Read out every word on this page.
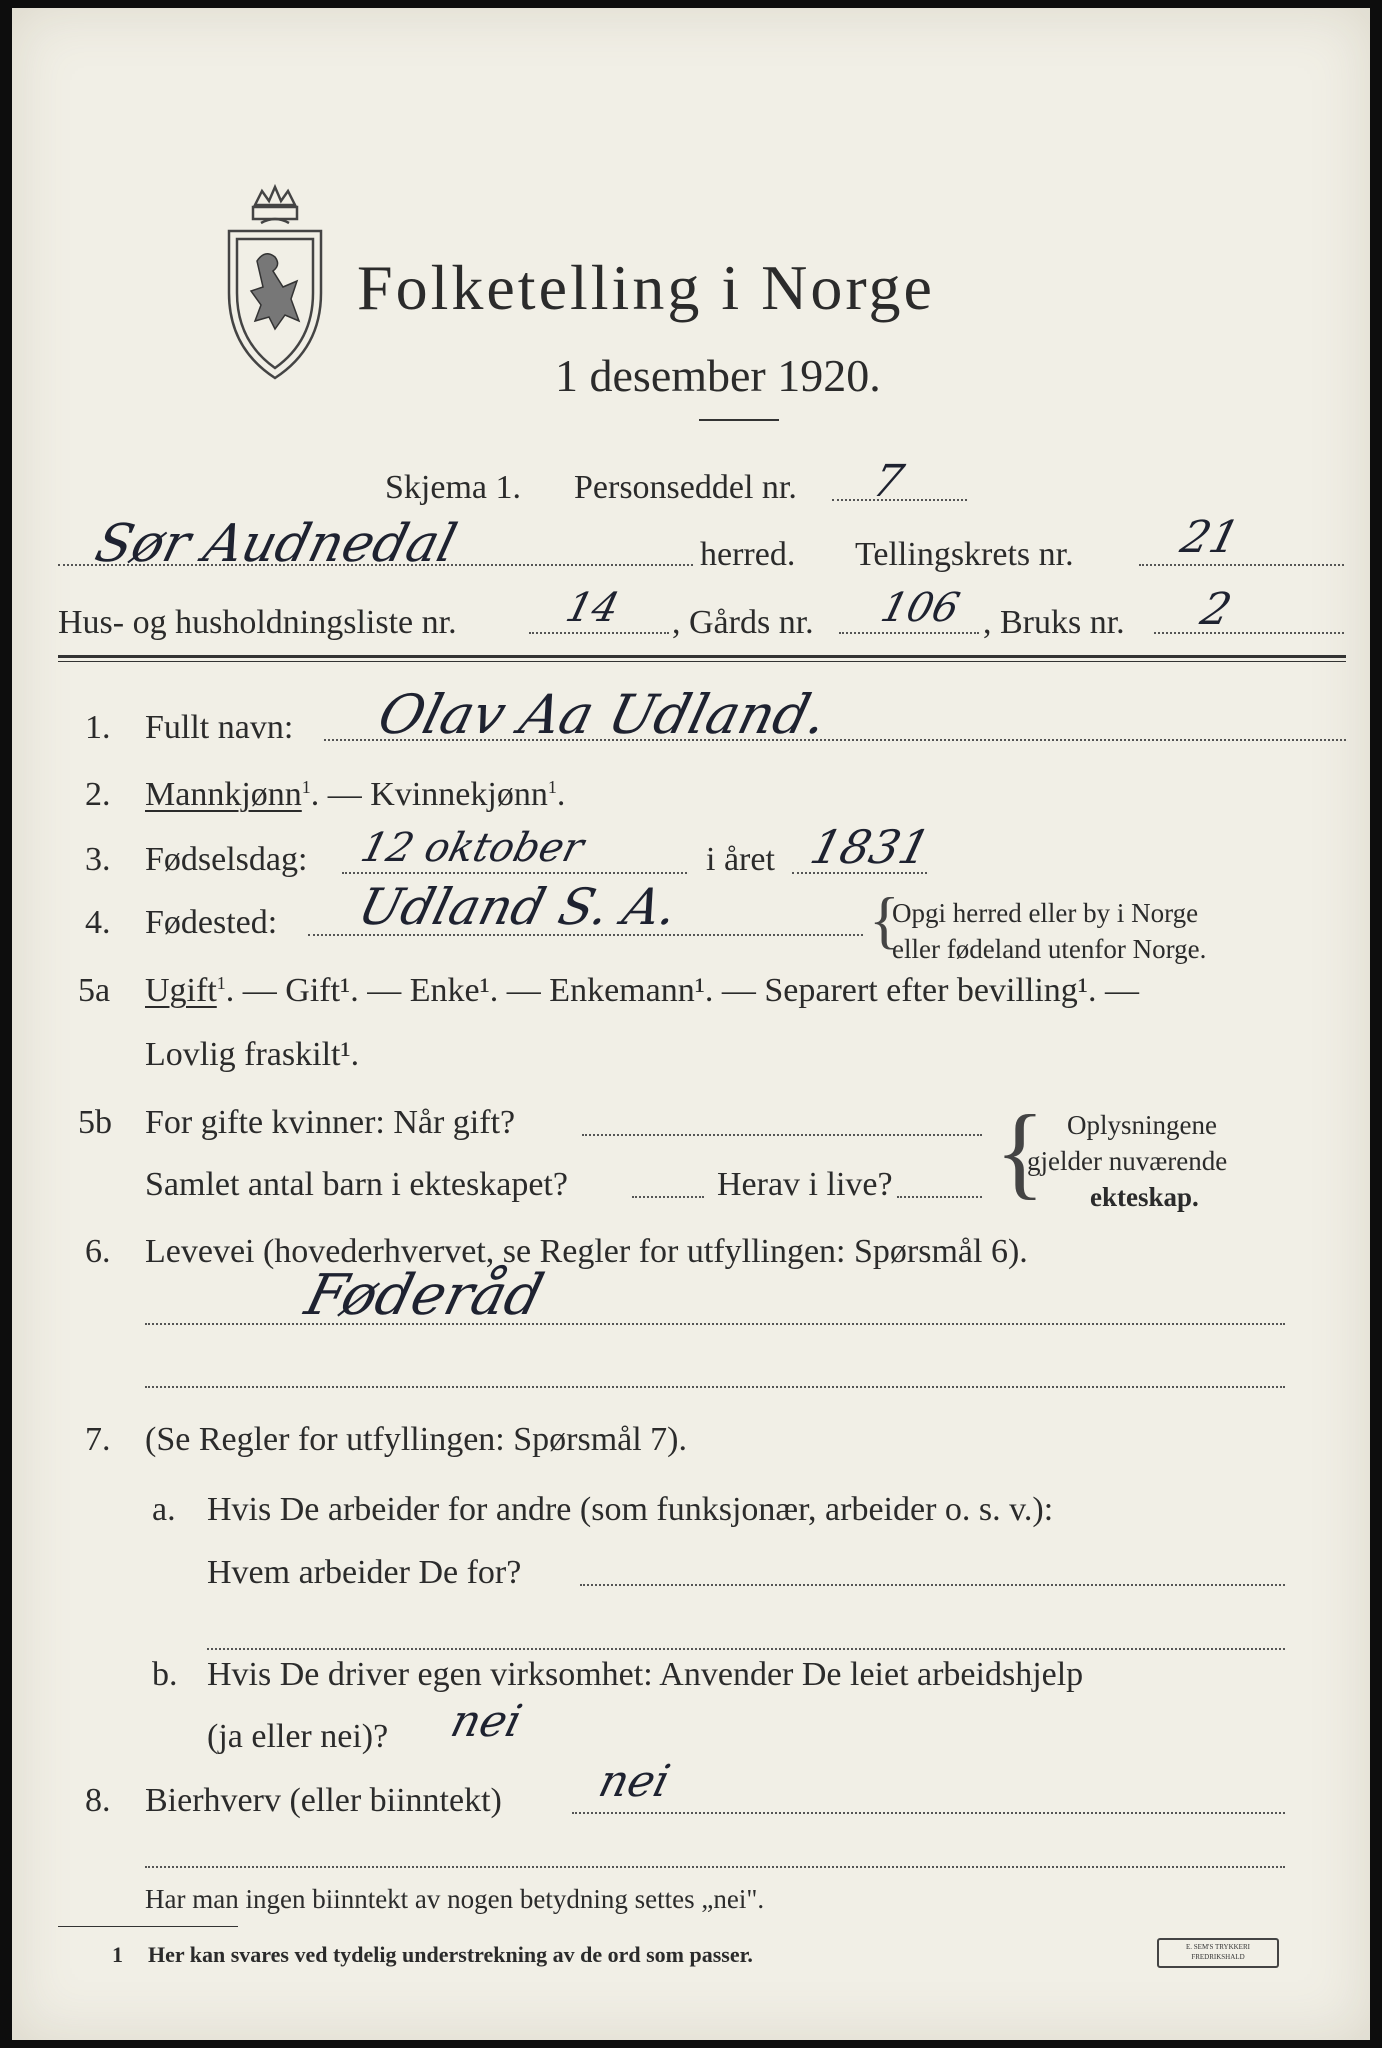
Folketelling i Norge
1 desember 1920.
Skjema 1. Personseddel nr. 7
Sør Audnedal	herred. Tellingskrets nr. 21
Hus- og husholdningsliste nr.	14 , Gårds nr. 106 , Bruks nr. 2
1. Fullt navn: Olav Aa Udland.
2. Mannkjønn$^1$. — Kvinnekjønn$^1$.
3. Fødselsdag: 12 oktober	i året 1831
4. Fødested: Udland S. A.	{
Opgi herred eller by i Norge
eller fødeland utenfor Norge.
5a Ugift$^1$. — Gift¹. — Enke¹. — Enkemann¹. — Separert efter bevilling¹. —
Lovlig fraskilt¹.
5b For gifte kvinner: Når gift?
Samlet antal barn i ekteskapet?	Herav i live? { Oplysningene
gjelder nuværende
ekteskap.
6. Levevei (hovederhvervet, se Regler for utfyllingen: Spørsmål 6).
Føderåd
7. (Se Regler for utfyllingen: Spørsmål 7).
a. Hvis De arbeider for andre (som funksjonær, arbeider o. s. v.):
Hvem arbeider De for?
b. Hvis De driver egen virksomhet: Anvender De leiet arbeidshjelp
(ja eller nei)? nei
8. Bierhverv (eller biinntekt) nei
Har man ingen biinntekt av nogen betydning settes „nei".
1 Her kan svares ved tydelig understrekning av de ord som passer.	E. SEM'S TRYKKERI
FREDRIKSHALD
